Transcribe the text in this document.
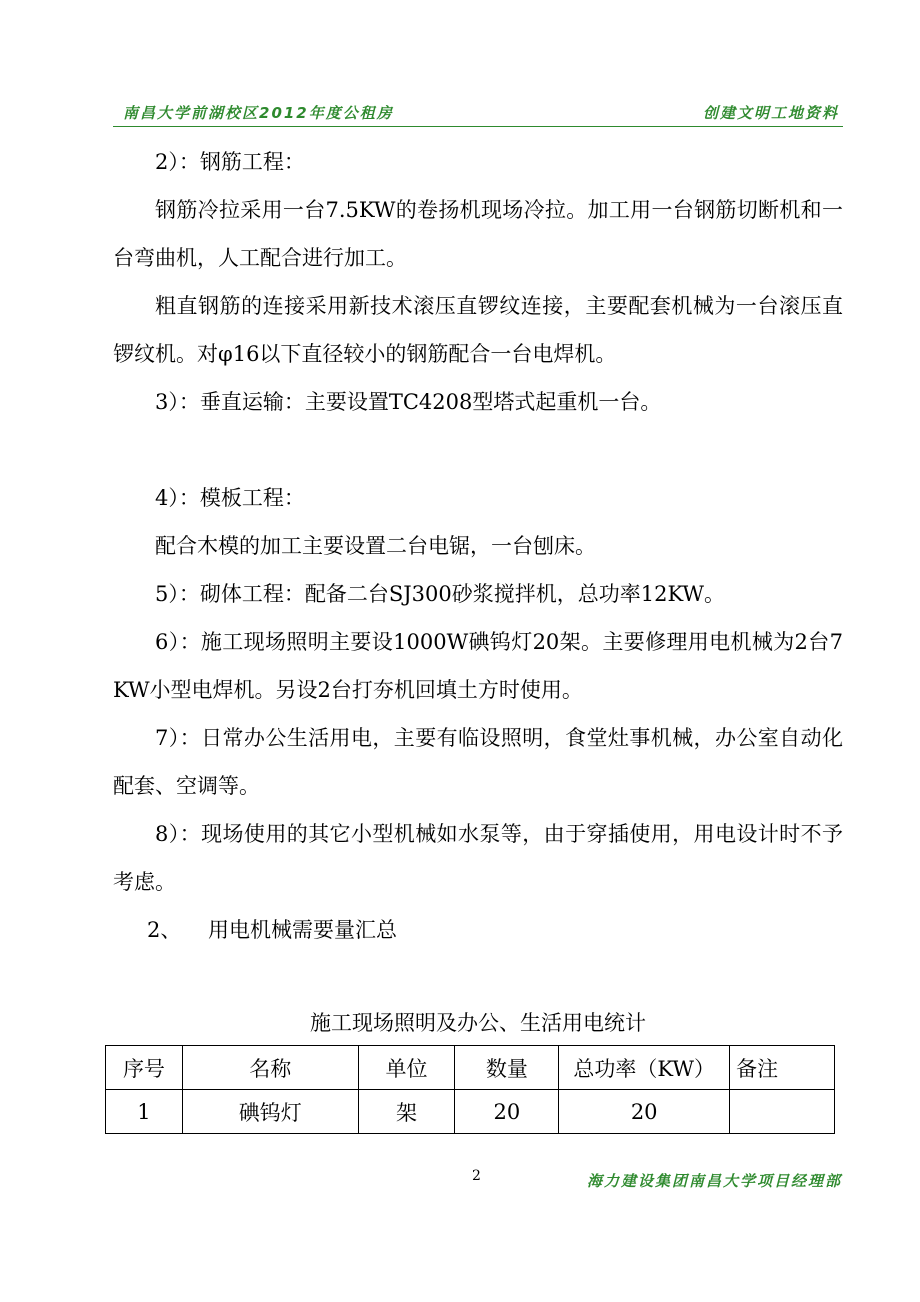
南昌大学前湖校区2012年度公租房	创建文明工地资料

2）：钢筋工程：

钢筋冷拉采用一台7.5KW的卷扬机现场冷拉。加工用一台钢筋切断机和一台弯曲机，人工配合进行加工。

粗直钢筋的连接采用新技术滚压直锣纹连接，主要配套机械为一台滚压直锣纹机。对φ16以下直径较小的钢筋配合一台电焊机。

3）：垂直运输：主要设置TC4208型塔式起重机一台。

4）：模板工程：

配合木模的加工主要设置二台电锯，一台刨床。

5）：砌体工程：配备二台SJ300砂浆搅拌机，总功率12KW。

6）：施工现场照明主要设1000W碘钨灯20架。主要修理用电机械为2台7KW小型电焊机。另设2台打夯机回填土方时使用。

7）：日常办公生活用电，主要有临设照明，食堂灶事机械，办公室自动化配套、空调等。

8）：现场使用的其它小型机械如水泵等，由于穿插使用，用电设计时不予考虑。

2、    用电机械需要量汇总

施工现场照明及办公、生活用电统计
序号	名称	单位	数量	总功率（KW）	备注
1	碘钨灯	架	20	20	
2	海力建设集团南昌大学项目经理部
